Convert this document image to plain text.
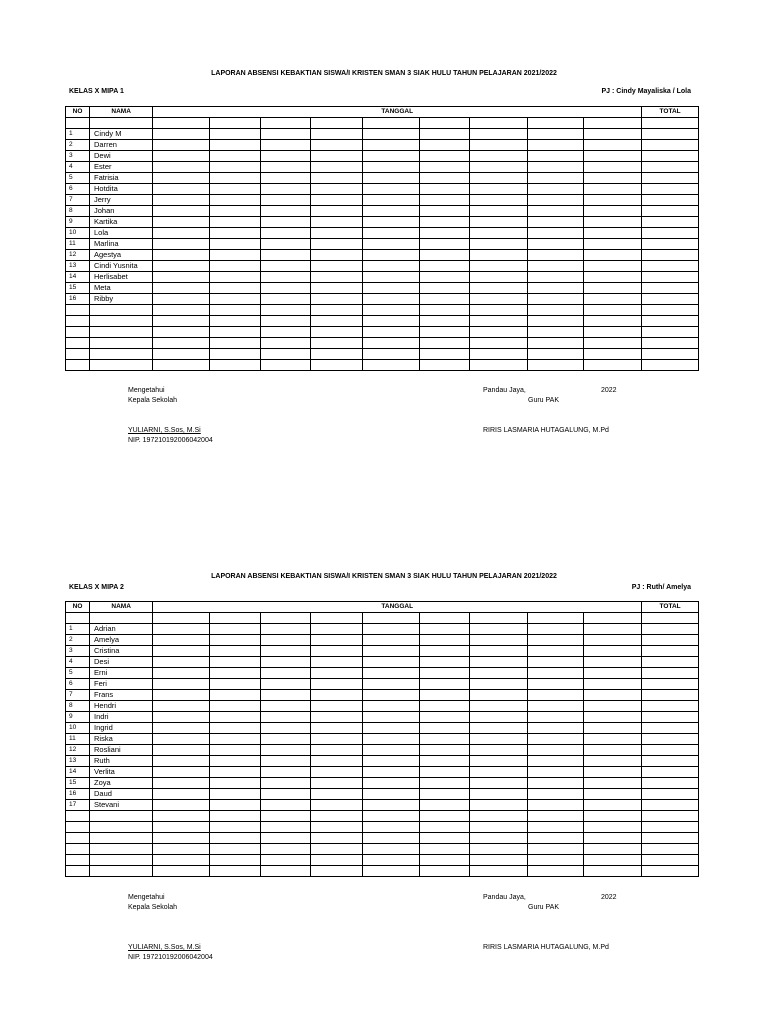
LAPORAN ABSENSI KEBAKTIAN SISWA/I KRISTEN SMAN 3 SIAK HULU TAHUN PELAJARAN 2021/2022
KELAS X MIPA 1	PJ : Cindy Mayaliska / Lola
NO	NAMA	TANGGAL									TOTAL

1	Cindy M										
2	Darren										
3	Dewi										
4	Ester										
5	Fatrisia										
6	Hotdita										
7	Jerry										
8	Johan										
9	Kartika										
10	Lola										
11	Marlina										
12	Agestya										
13	Cindi Yusnita										
14	Herlisabet										
15	Meta										
16	Ribby										

Mengetahui
Kepala Sekolah
Pandau Jaya,	2022
Guru PAK
YULIARNI, S.Sos, M.Si
NIP. 197210192006042004
RIRIS LASMARIA HUTAGALUNG, M.Pd
LAPORAN ABSENSI KEBAKTIAN SISWA/I KRISTEN SMAN 3 SIAK HULU TAHUN PELAJARAN 2021/2022
KELAS X MIPA 2	PJ : Ruth/ Amelya
NO	NAMA	TANGGAL									TOTAL

1	Adrian										
2	Amelya										
3	Cristina										
4	Desi										
5	Erni										
6	Feri										
7	Frans										
8	Hendri										
9	Indri										
10	Ingrid										
11	Riska										
12	Rosliani										
13	Ruth										
14	Verlita										
15	Zoya										
16	Daud										
17	Stevani										

Mengetahui
Kepala Sekolah
Pandau Jaya,	2022
Guru PAK
YULIARNI, S.Sos, M.Si
NIP. 197210192006042004
RIRIS LASMARIA HUTAGALUNG, M.Pd
